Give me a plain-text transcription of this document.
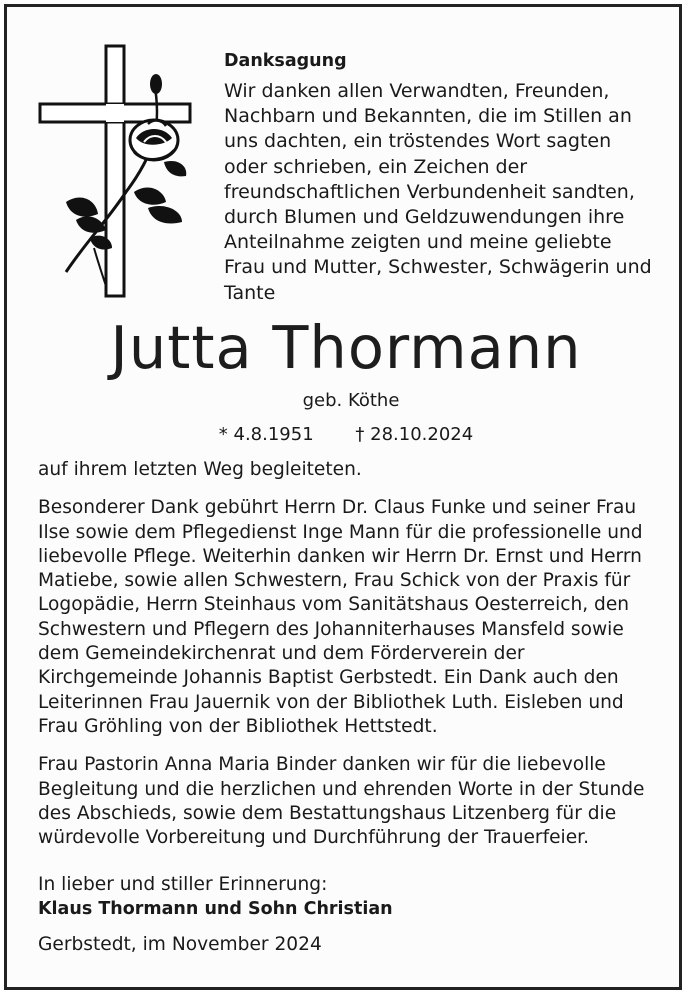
Danksagung

Wir danken allen Verwandten, Freunden, Nachbarn und Bekannten, die im Stillen an uns dachten, ein tröstendes Wort sagten oder schrieben, ein Zeichen der freundschaftlichen Verbundenheit sandten, durch Blumen und Geldzuwendungen ihre Anteilnahme zeigten und meine geliebte Frau und Mutter, Schwester, Schwägerin und Tante

Jutta Thormann
geb. Köthe
* 4.8.1951 † 28.10.2024

auf ihrem letzten Weg begleiteten.

Besonderer Dank gebührt Herrn Dr. Claus Funke und seiner Frau Ilse sowie dem Pflegedienst Inge Mann für die professionelle und liebevolle Pflege. Weiterhin danken wir Herrn Dr. Ernst und Herrn Matiebe, sowie allen Schwestern, Frau Schick von der Praxis für Logopädie, Herrn Steinhaus vom Sanitätshaus Oesterreich, den Schwestern und Pflegern des Johanniterhauses Mansfeld sowie dem Gemeindekirchenrat und dem Förderverein der Kirchgemeinde Johannis Baptist Gerbstedt. Ein Dank auch den Leiterinnen Frau Jauernik von der Bibliothek Luth. Eisleben und Frau Gröhling von der Bibliothek Hettstedt.

Frau Pastorin Anna Maria Binder danken wir für die liebevolle Begleitung und die herzlichen und ehrenden Worte in der Stunde des Abschieds, sowie dem Bestattungshaus Litzenberg für die würdevolle Vorbereitung und Durchführung der Trauerfeier.

In lieber und stiller Erinnerung:

Klaus Thormann und Sohn Christian

Gerbstedt, im November 2024
